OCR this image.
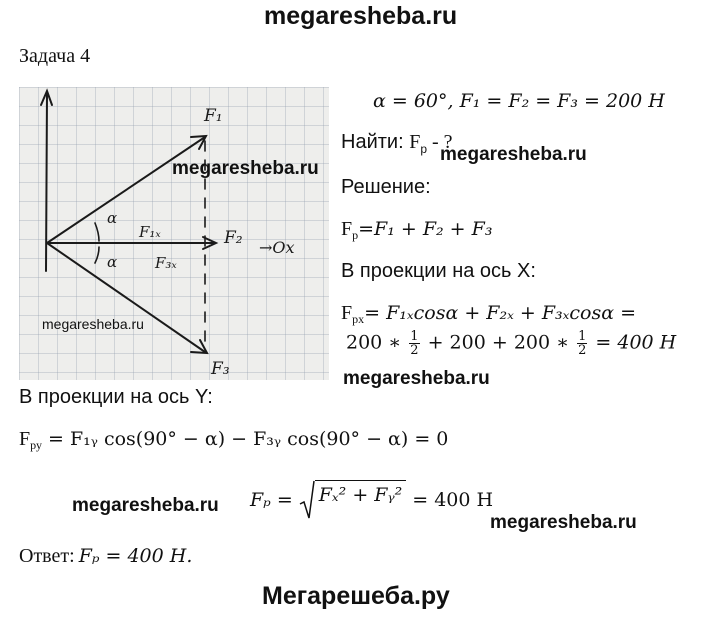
megaresheba.ru
Задача 4
F₁
F₁ₓ	F₂ →Ox
F₃ₓ
F₃
α
α
megaresheba.ru
megaresheba.ru
α = 60°, F₁ = F₂ = F₃ = 200 H
Найти: $F_р$ - ?
megaresheba.ru
Решение:
$F_р=F_1 + F_2 + F_3$
В проекции на ось X:
$F_{рх}= F_{1x}\cos\alpha + F_{2x} + F_{3x}\cos\alpha$ =
200 ∗ $\frac{1}{2} + 200 + 200$ ∗ $\frac{1}{2} = 400$ H
megaresheba.ru
В проекции на ось Y:
$F_{ру}$ = F₁ᵧ cos(90° − α) − F₃ᵧ cos(90° − α) = 0
megaresheba.ru Fₚ = Fₓ² + Fᵧ² = 400 Н
megaresheba.ru
Ответ: Fₚ = 400 Н.
Мегарешеба.ру
